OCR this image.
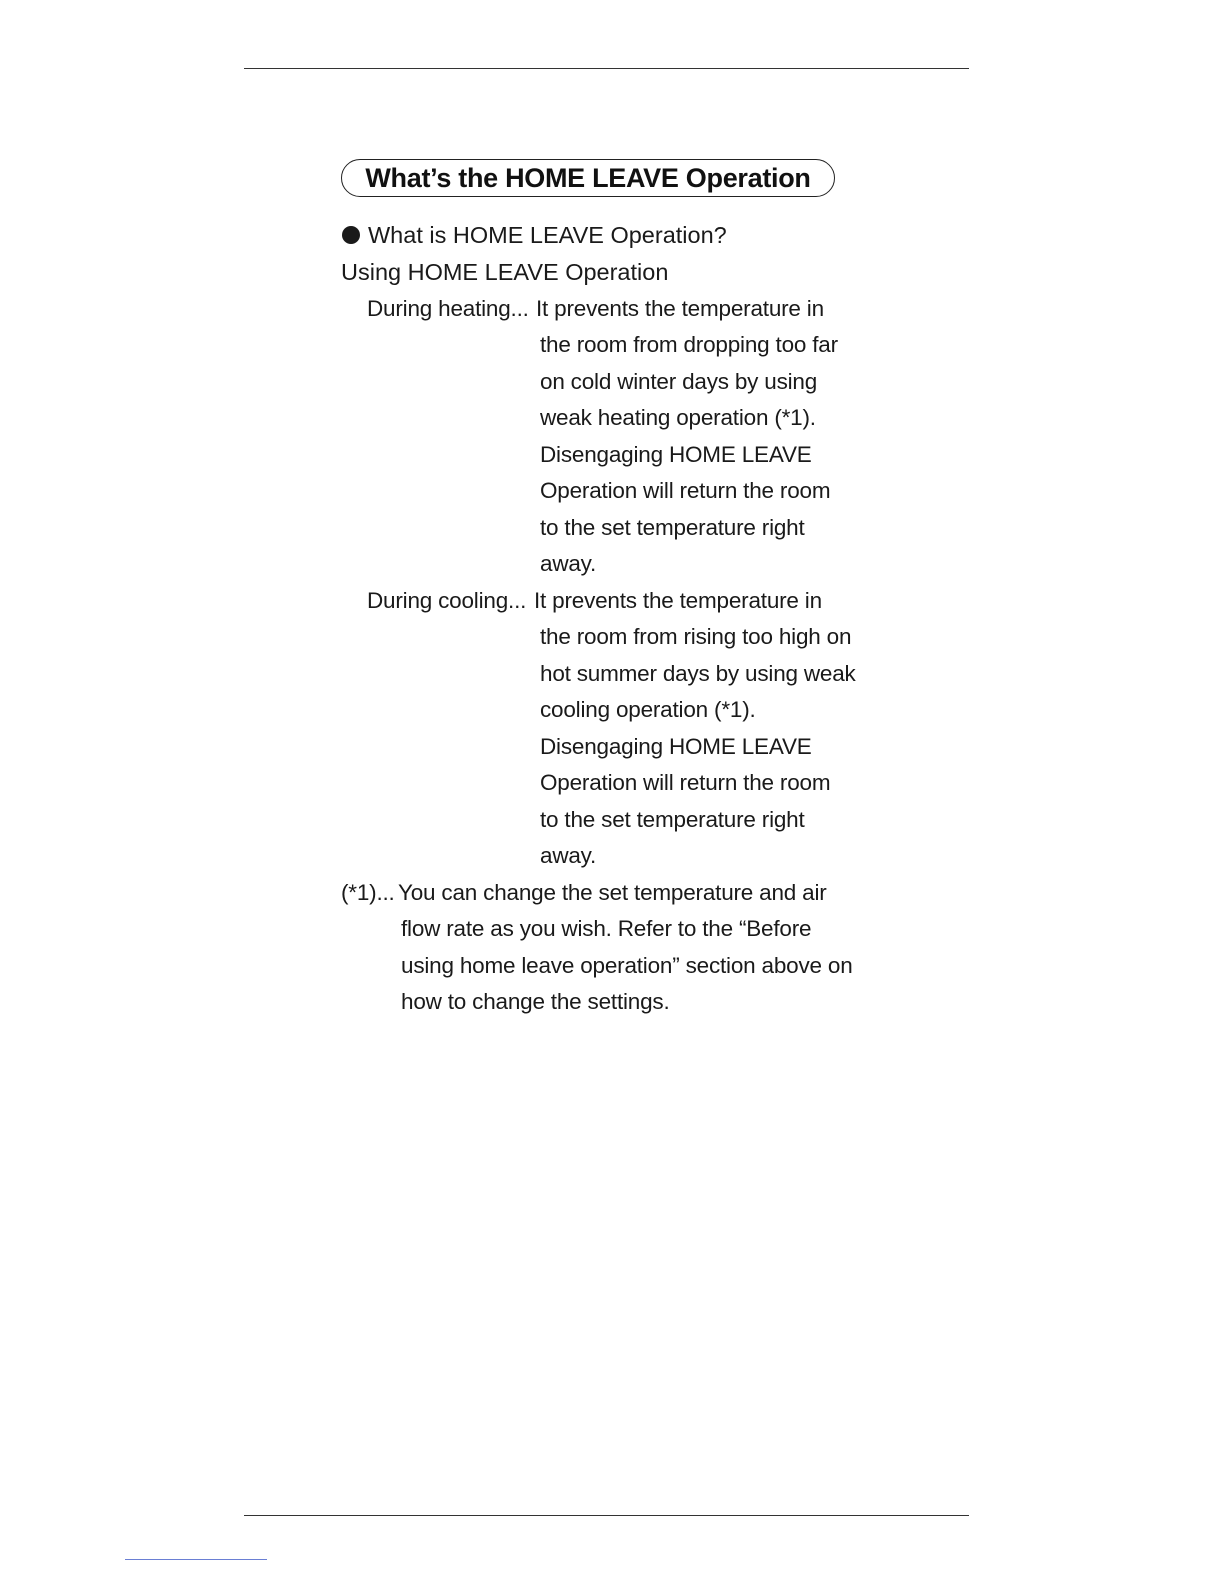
What’s the HOME LEAVE Operation
What is HOME LEAVE Operation?
Using HOME LEAVE Operation
During heating... It prevents the temperature in
the room from dropping too far
on cold winter days by using
weak heating operation (*1).
Disengaging HOME LEAVE
Operation will return the room
to the set temperature right
away.
During cooling... It prevents the temperature in
the room from rising too high on
hot summer days by using weak
cooling operation (*1).
Disengaging HOME LEAVE
Operation will return the room
to the set temperature right
away.
(*1)... You can change the set temperature and air
flow rate as you wish. Refer to the “Before
using home leave operation” section above on
how to change the settings.
